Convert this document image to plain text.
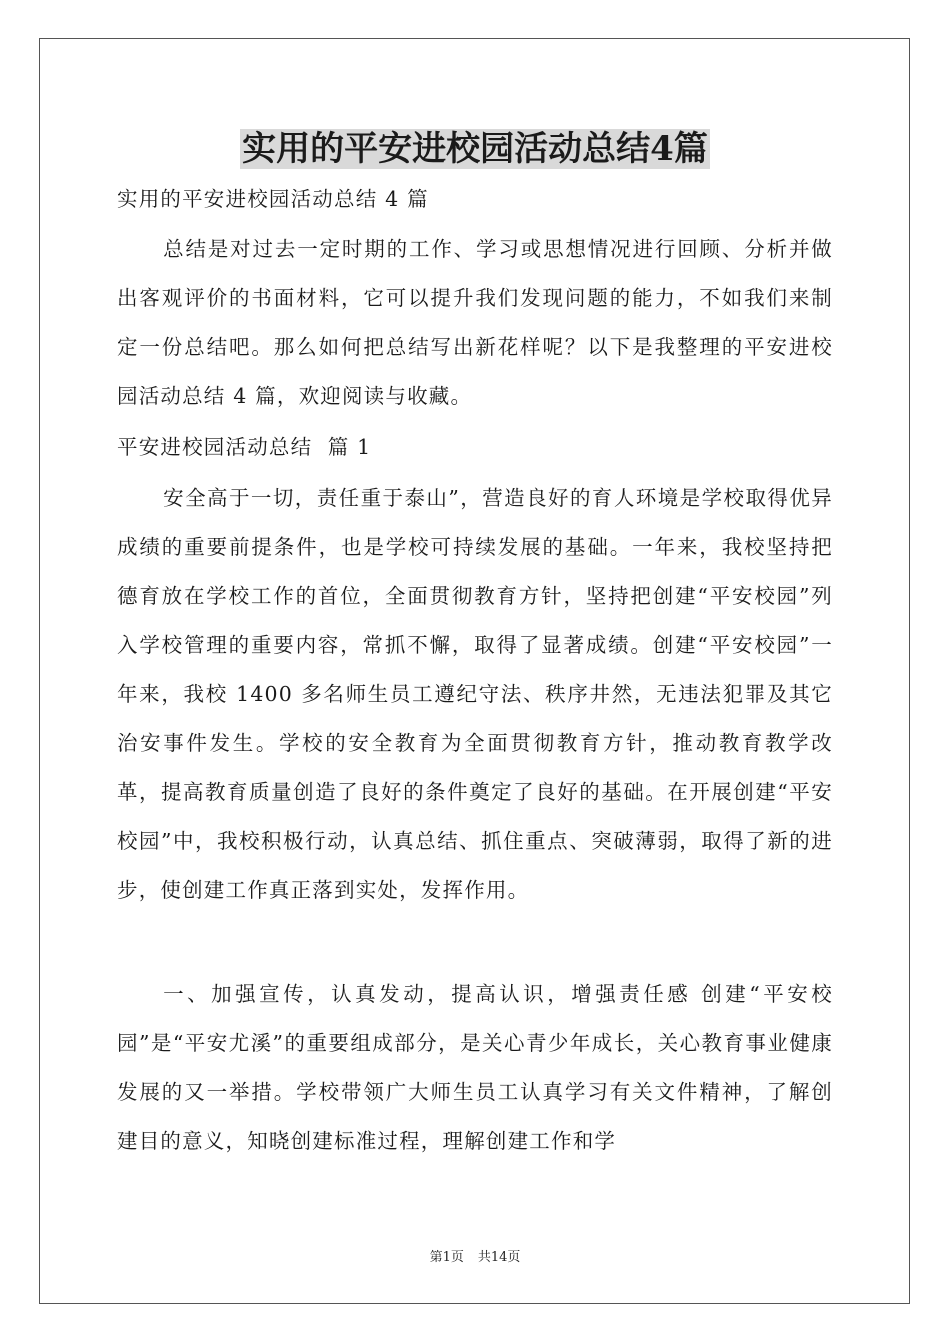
实用的平安进校园活动总结4篇
实用的平安进校园活动总结 4 篇
总结是对过去一定时期的工作、学习或思想情况进行回顾、分析并做出客观评价的书面材料，它可以提升我们发现问题的能力，不如我们来制定一份总结吧。那么如何把总结写出新花样呢？以下是我整理的平安进校园活动总结 4 篇，欢迎阅读与收藏。
平安进校园活动总结  篇 1
安全高于一切，责任重于泰山”，营造良好的育人环境是学校取得优异成绩的重要前提条件，也是学校可持续发展的基础。一年来，我校坚持把德育放在学校工作的首位，全面贯彻教育方针，坚持把创建“平安校园”列入学校管理的重要内容，常抓不懈，取得了显著成绩。创建“平安校园”一年来，我校 1400 多名师生员工遵纪守法、秩序井然，无违法犯罪及其它治安事件发生。学校的安全教育为全面贯彻教育方针，推动教育教学改革，提高教育质量创造了良好的条件奠定了良好的基础。在开展创建“平安校园”中，我校积极行动，认真总结、抓住重点、突破薄弱，取得了新的进步，使创建工作真正落到实处，发挥作用。
一、加强宣传，认真发动，提高认识，增强责任感 创建“平安校园”是“平安尤溪”的重要组成部分，是关心青少年成长，关心教育事业健康发展的又一举措。学校带领广大师生员工认真学习有关文件精神，了解创建目的意义，知晓创建标准过程，理解创建工作和学
第1页 共14页
